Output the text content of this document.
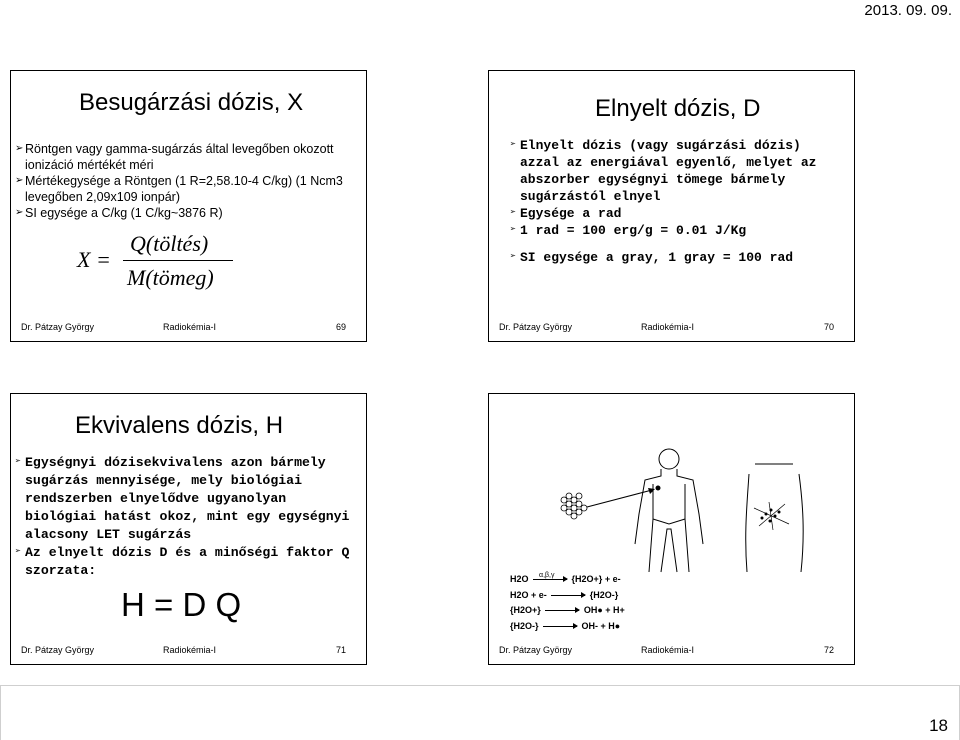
2013. 09. 09.
Besugárzási dózis, X
➢ Röntgen vagy gamma-sugárzás által levegőben okozott ionizáció mértékét méri
➢ Mértékegysége a Röntgen (1 R=2,58.10-4 C/kg) (1 Ncm3 levegőben 2,09x109 ionpár)
➢ SI egysége a C/kg (1 C/kg~3876 R)
X =
Q(töltés)
M(tömeg)
Dr. Pátzay György	Radiokémia-I	69
Elnyelt dózis, D
➢ Elnyelt dózis (vagy sugárzási dózis) azzal az energiával egyenlő, melyet az abszorber egységnyi tömege bármely sugárzástól elnyel
➢ Egysége a rad
➢ 1 rad = 100 erg/g = 0.01 J/Kg
➢ SI egysége a gray, 1 gray = 100 rad
Dr. Pátzay György	Radiokémia-I	70
Ekvivalens dózis, H
➢ Egységnyi dózisekvivalens azon bármely sugárzás mennyisége, mely biológiai rendszerben elnyelődve ugyanolyan biológiai hatást okoz, mint egy egységnyi alacsony LET sugárzás
➢ Az elnyelt dózis D és a minőségi faktor Q szorzata:
H = D Q
Dr. Pátzay György	Radiokémia-I	71
H2O α,β,γ {H2O+} + e-
H2O + e- → {H2O-}
{H2O+} → OH● + H+
{H2O-} → OH- + H●
Dr. Pátzay György	Radiokémia-I	72
18
